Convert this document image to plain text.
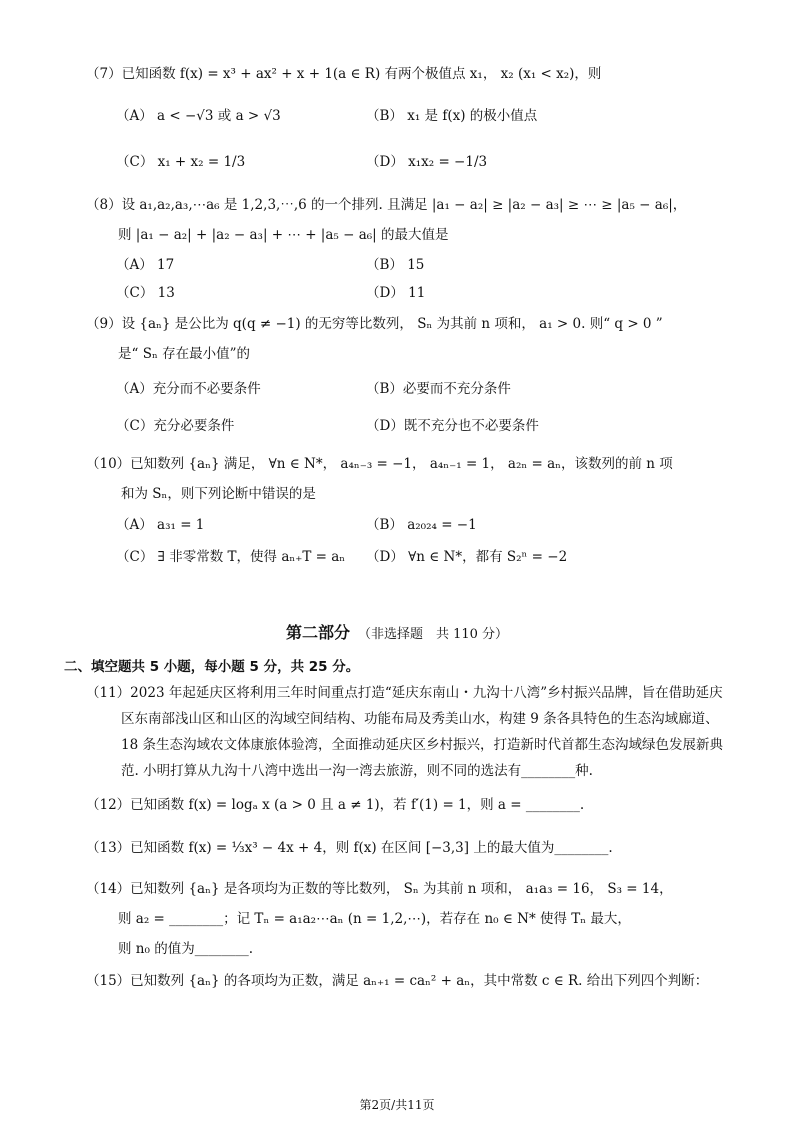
（7）已知函数 f(x) = x³ + ax² + x + 1(a ∈ R) 有两个极值点 x₁， x₂ (x₁ < x₂)，则
（A） a < −√3 或 a > √3	（B） x₁ 是 f(x) 的极小值点
（C） x₁ + x₂ = 1/3	（D） x₁x₂ = −1/3
（8）设 a₁,a₂,a₃,⋯a₆ 是 1,2,3,⋯,6 的一个排列. 且满足 |a₁ − a₂| ≥ |a₂ − a₃| ≥ ⋯ ≥ |a₅ − a₆|，
则 |a₁ − a₂| + |a₂ − a₃| + ⋯ + |a₅ − a₆| 的最大值是
（A） 17	（B） 15
（C） 13	（D） 11
（9）设 {aₙ} 是公比为 q(q ≠ −1) 的无穷等比数列， Sₙ 为其前 n 项和， a₁ > 0. 则“ q > 0 ”
是“ Sₙ 存在最小值”的
（A）充分而不必要条件	（B）必要而不充分条件
（C）充分必要条件	（D）既不充分也不必要条件
（10）已知数列 {aₙ} 满足， ∀n ∈ N*， a₄ₙ₋₃ = −1， a₄ₙ₋₁ = 1， a₂ₙ = aₙ，该数列的前 n 项
和为 Sₙ，则下列论断中错误的是
（A） a₃₁ = 1	（B） a₂₀₂₄ = −1
（C） ∃ 非零常数 T，使得 aₙ₊T = aₙ （D） ∀n ∈ N*，都有 S₂ⁿ = −2
第二部分 （非选择题　共 110 分）
二、填空题共 5 小题，每小题 5 分，共 25 分。
（11）2023 年起延庆区将利用三年时间重点打造“延庆东南山・九沟十八湾”乡村振兴品牌，旨在借助延庆区东南部浅山区和山区的沟域空间结构、功能布局及秀美山水，构建 9 条各具特色的生态沟域廊道、18 条生态沟域农文体康旅体验湾，全面推动延庆区乡村振兴，打造新时代首都生态沟域绿色发展新典范. 小明打算从九沟十八湾中选出一沟一湾去旅游，则不同的选法有________种.
（12）已知函数 f(x) = logₐ x (a > 0 且 a ≠ 1)，若 f′(1) = 1，则 a = ________.
（13）已知函数 f(x) = ⅓x³ − 4x + 4，则 f(x) 在区间 [−3,3] 上的最大值为________.
（14）已知数列 {aₙ} 是各项均为正数的等比数列， Sₙ 为其前 n 项和， a₁a₃ = 16， S₃ = 14，
则 a₂ = ________；记 Tₙ = a₁a₂⋯aₙ (n = 1,2,⋯)，若存在 n₀ ∈ N* 使得 Tₙ 最大，
则 n₀ 的值为________.
（15）已知数列 {aₙ} 的各项均为正数，满足 aₙ₊₁ = caₙ² + aₙ，其中常数 c ∈ R. 给出下列四个判断：
第2页/共11页
